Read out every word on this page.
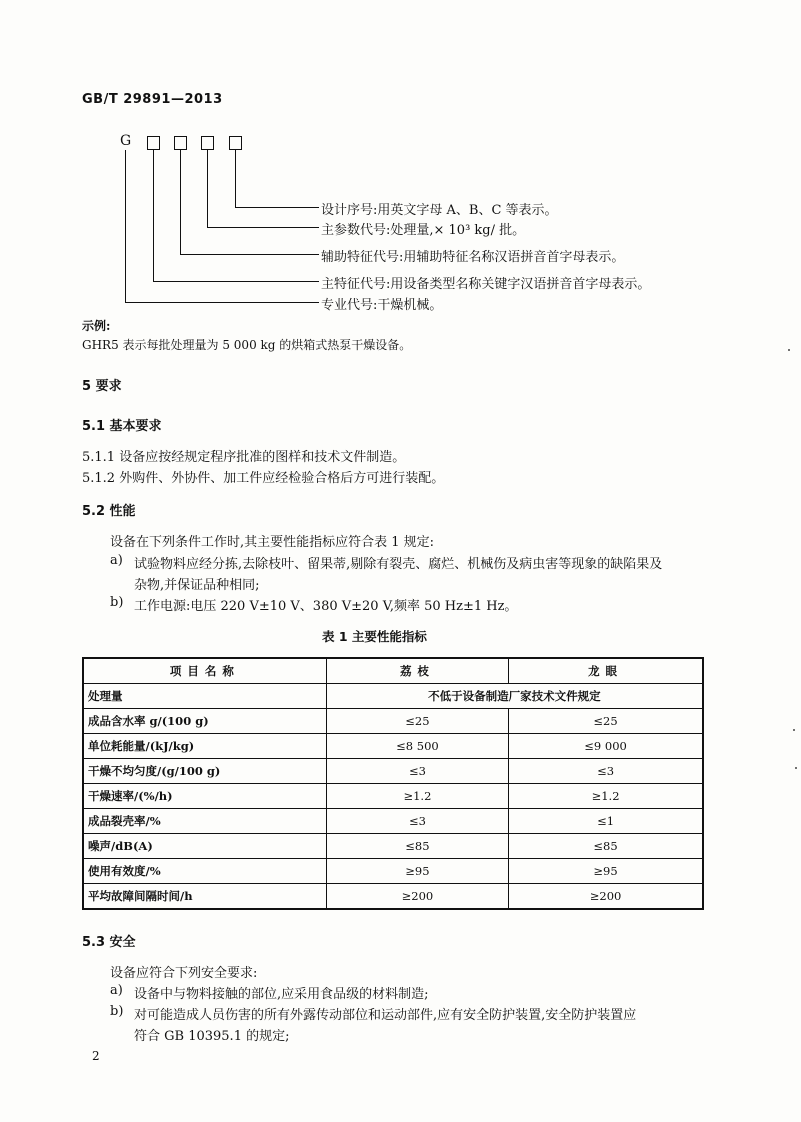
GB/T 29891—2013
G
设计序号:用英文字母 A、B、C 等表示。
主参数代号:处理量,× 10³ kg/ 批。
辅助特征代号:用辅助特征名称汉语拼音首字母表示。
主特征代号:用设备类型名称关键字汉语拼音首字母表示。
专业代号:干燥机械。
示例:
GHR5 表示每批处理量为 5 000 kg 的烘箱式热泵干燥设备。
5 要求
5.1 基本要求
5.1.1 设备应按经规定程序批准的图样和技术文件制造。
5.1.2 外购件、外协件、加工件应经检验合格后方可进行装配。
5.2 性能
设备在下列条件工作时,其主要性能指标应符合表 1 规定:
a) 试验物料应经分拣,去除枝叶、留果蒂,剔除有裂壳、腐烂、机械伤及病虫害等现象的缺陷果及
杂物,并保证品种相同;
b) 工作电源:电压 220 V±10 V、380 V±20 V,频率 50 Hz±1 Hz。
表 1 主要性能指标
项目名称	荔枝	龙眼
处理量	不低于设备制造厂家技术文件规定	
成品含水率 g/(100 g)	≤25	≤25
单位耗能量/(kJ/kg)	≤8 500	≤9 000
干燥不均匀度/(g/100 g)	≤3	≤3
干燥速率/(%/h)	≥1.2	≥1.2
成品裂壳率/%	≤3	≤1
噪声/dB(A)	≤85	≤85
使用有效度/%	≥95	≥95
平均故障间隔时间/h	≥200	≥200
5.3 安全
设备应符合下列安全要求:
a) 设备中与物料接触的部位,应采用食品级的材料制造;
b) 对可能造成人员伤害的所有外露传动部位和运动部件,应有安全防护装置,安全防护装置应
符合 GB 10395.1 的规定;
2
